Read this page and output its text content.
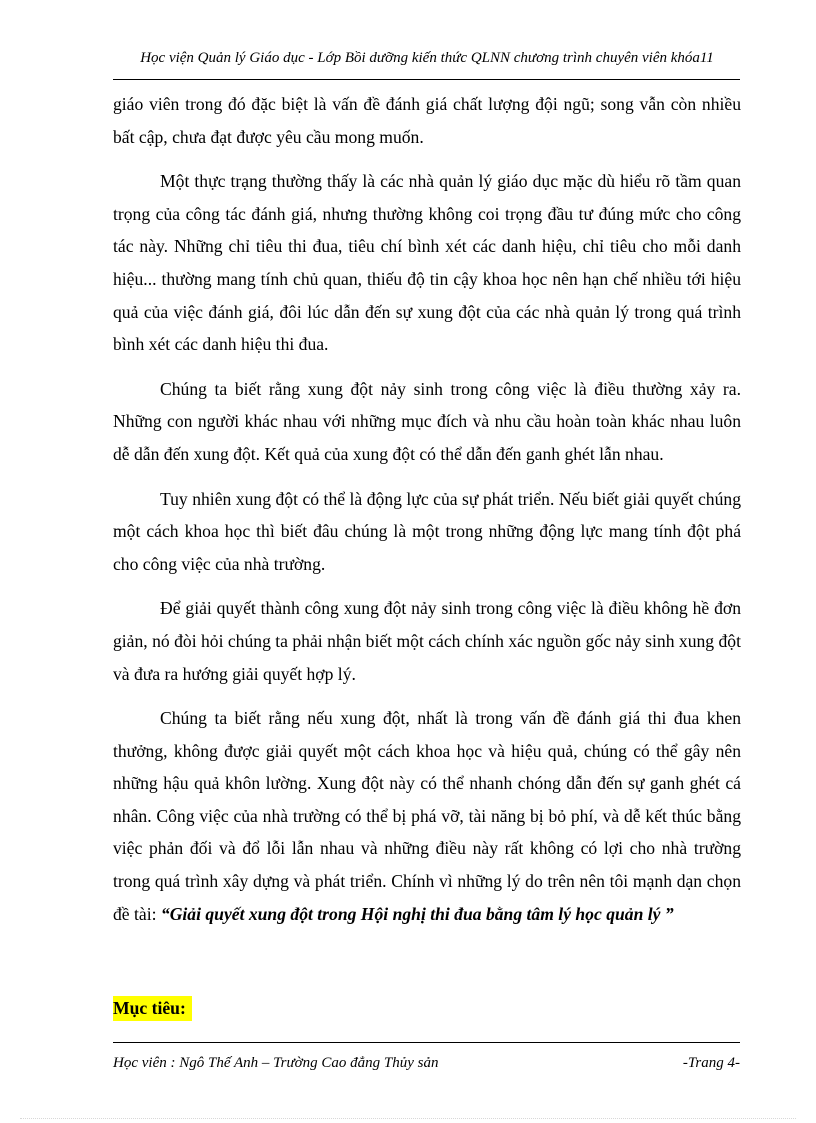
Học viện Quản lý Giáo dục - Lớp Bồi dưỡng kiến thức QLNN chương trình chuyên viên khóa11

giáo viên trong đó đặc biệt là vấn đề đánh giá chất lượng đội ngũ; song vẫn còn nhiều bất cập, chưa đạt được yêu cầu mong muốn.

Một thực trạng thường thấy là các nhà quản lý giáo dục mặc dù hiểu rõ tầm quan trọng của công tác đánh giá, nhưng thường không coi trọng đầu tư đúng mức cho công tác này. Những chỉ tiêu thi đua, tiêu chí bình xét các danh hiệu, chỉ tiêu cho mỗi danh hiệu... thường mang tính chủ quan, thiếu độ tin cậy khoa học nên hạn chế nhiều tới hiệu quả của việc đánh giá, đôi lúc dẫn đến sự xung đột của các nhà quản lý trong quá trình bình xét các danh hiệu thi đua.

Chúng ta biết rằng xung đột nảy sinh trong công việc là điều thường xảy ra. Những con người khác nhau với những mục đích và nhu cầu hoàn toàn khác nhau luôn dễ dẫn đến xung đột. Kết quả của xung đột có thể dẫn đến ganh ghét lẫn nhau.

Tuy nhiên xung đột có thể là động lực của sự phát triển. Nếu biết giải quyết chúng một cách khoa học thì biết đâu chúng là một trong những động lực mang tính đột phá cho công việc của nhà trường.

Để giải quyết thành công xung đột nảy sinh trong công việc là điều không hề đơn giản, nó đòi hỏi chúng ta phải nhận biết một cách chính xác nguồn gốc nảy sinh xung đột và đưa ra hướng giải quyết hợp lý.

Chúng ta biết rằng nếu xung đột, nhất là trong vấn đề đánh giá thi đua khen thưởng, không được giải quyết một cách khoa học và hiệu quả, chúng có thể gây nên những hậu quả khôn lường. Xung đột này có thể nhanh chóng dẫn đến sự ganh ghét cá nhân. Công việc của nhà trường có thể bị phá vỡ, tài năng bị bỏ phí, và dễ kết thúc bằng việc phản đối và đổ lỗi lẫn nhau và những điều này rất không có lợi cho nhà trường trong quá trình xây dựng và phát triển. Chính vì những lý do trên nên tôi mạnh dạn chọn đề tài: “Giải quyết xung đột trong Hội nghị thi đua bằng tâm lý học quản lý ”

Mục tiêu:
Học viên : Ngô Thế Anh – Trường Cao đẳng Thủy sản	-Trang 4-
